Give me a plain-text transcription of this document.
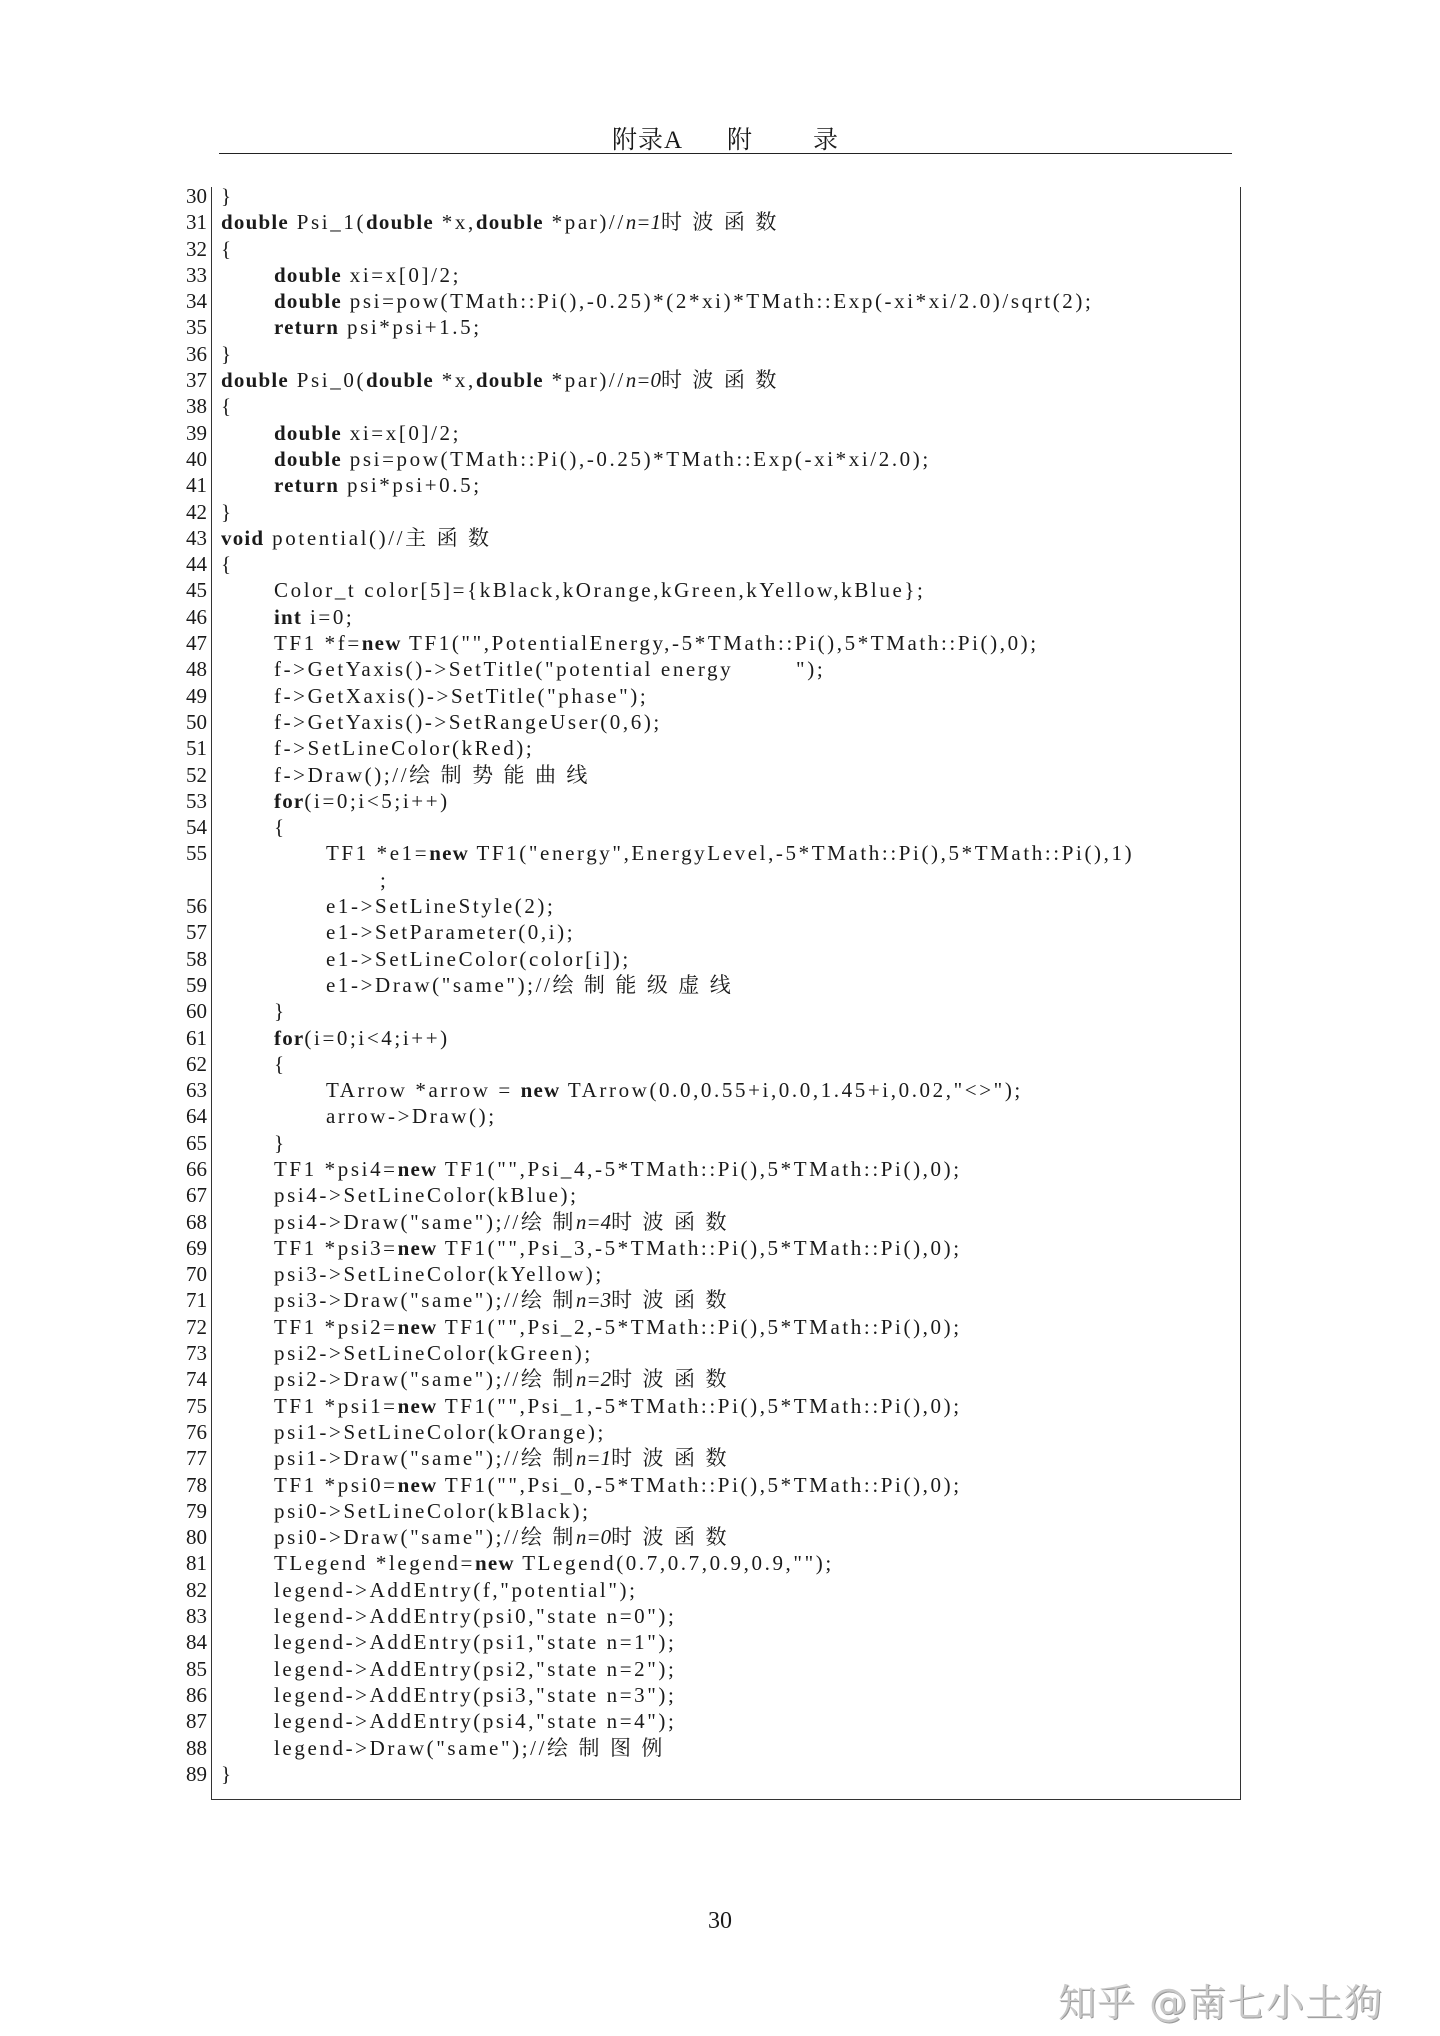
附录A 附 录
30 }
31 double Psi_1(double *x,double *par)//n=1时 波 函 数
32 {
33	double xi=x[0]/2;
34	double psi=pow(TMath::Pi(),-0.25)*(2*xi)*TMath::Exp(-xi*xi/2.0)/sqrt(2);
35	return psi*psi+1.5;
36 }
37 double Psi_0(double *x,double *par)//n=0时 波 函 数
38 {
39	double xi=x[0]/2;
40	double psi=pow(TMath::Pi(),-0.25)*TMath::Exp(-xi*xi/2.0);
41	return psi*psi+0.5;
42 }
43 void potential()//主 函 数
44 {
45	Color_t color[5]={kBlack,kOrange,kGreen,kYellow,kBlue};
46	int i=0;
47	TF1 *f=new TF1("",PotentialEnergy,-5*TMath::Pi(),5*TMath::Pi(),0);
48	f->GetYaxis()->SetTitle("potential energy        ");
49	f->GetXaxis()->SetTitle("phase");
50	f->GetYaxis()->SetRangeUser(0,6);
51	f->SetLineColor(kRed);
52	f->Draw();//绘 制 势 能 曲 线
53	for(i=0;i<5;i++)
54	{
55	TF1 *e1=new TF1("energy",EnergyLevel,-5*TMath::Pi(),5*TMath::Pi(),1)
;
56	e1->SetLineStyle(2);
57	e1->SetParameter(0,i);
58	e1->SetLineColor(color[i]);
59	e1->Draw("same");//绘 制 能 级 虚 线
60	}
61	for(i=0;i<4;i++)
62	{
63	TArrow *arrow = new TArrow(0.0,0.55+i,0.0,1.45+i,0.02,"<>");
64	arrow->Draw();
65	}
66	TF1 *psi4=new TF1("",Psi_4,-5*TMath::Pi(),5*TMath::Pi(),0);
67	psi4->SetLineColor(kBlue);
68	psi4->Draw("same");//绘 制n=4时 波 函 数
69	TF1 *psi3=new TF1("",Psi_3,-5*TMath::Pi(),5*TMath::Pi(),0);
70	psi3->SetLineColor(kYellow);
71	psi3->Draw("same");//绘 制n=3时 波 函 数
72	TF1 *psi2=new TF1("",Psi_2,-5*TMath::Pi(),5*TMath::Pi(),0);
73	psi2->SetLineColor(kGreen);
74	psi2->Draw("same");//绘 制n=2时 波 函 数
75	TF1 *psi1=new TF1("",Psi_1,-5*TMath::Pi(),5*TMath::Pi(),0);
76	psi1->SetLineColor(kOrange);
77	psi1->Draw("same");//绘 制n=1时 波 函 数
78	TF1 *psi0=new TF1("",Psi_0,-5*TMath::Pi(),5*TMath::Pi(),0);
79	psi0->SetLineColor(kBlack);
80	psi0->Draw("same");//绘 制n=0时 波 函 数
81	TLegend *legend=new TLegend(0.7,0.7,0.9,0.9,"");
82	legend->AddEntry(f,"potential");
83	legend->AddEntry(psi0,"state n=0");
84	legend->AddEntry(psi1,"state n=1");
85	legend->AddEntry(psi2,"state n=2");
86	legend->AddEntry(psi3,"state n=3");
87	legend->AddEntry(psi4,"state n=4");
88	legend->Draw("same");//绘 制 图 例
89 }
30
知乎 @南七小土狗
